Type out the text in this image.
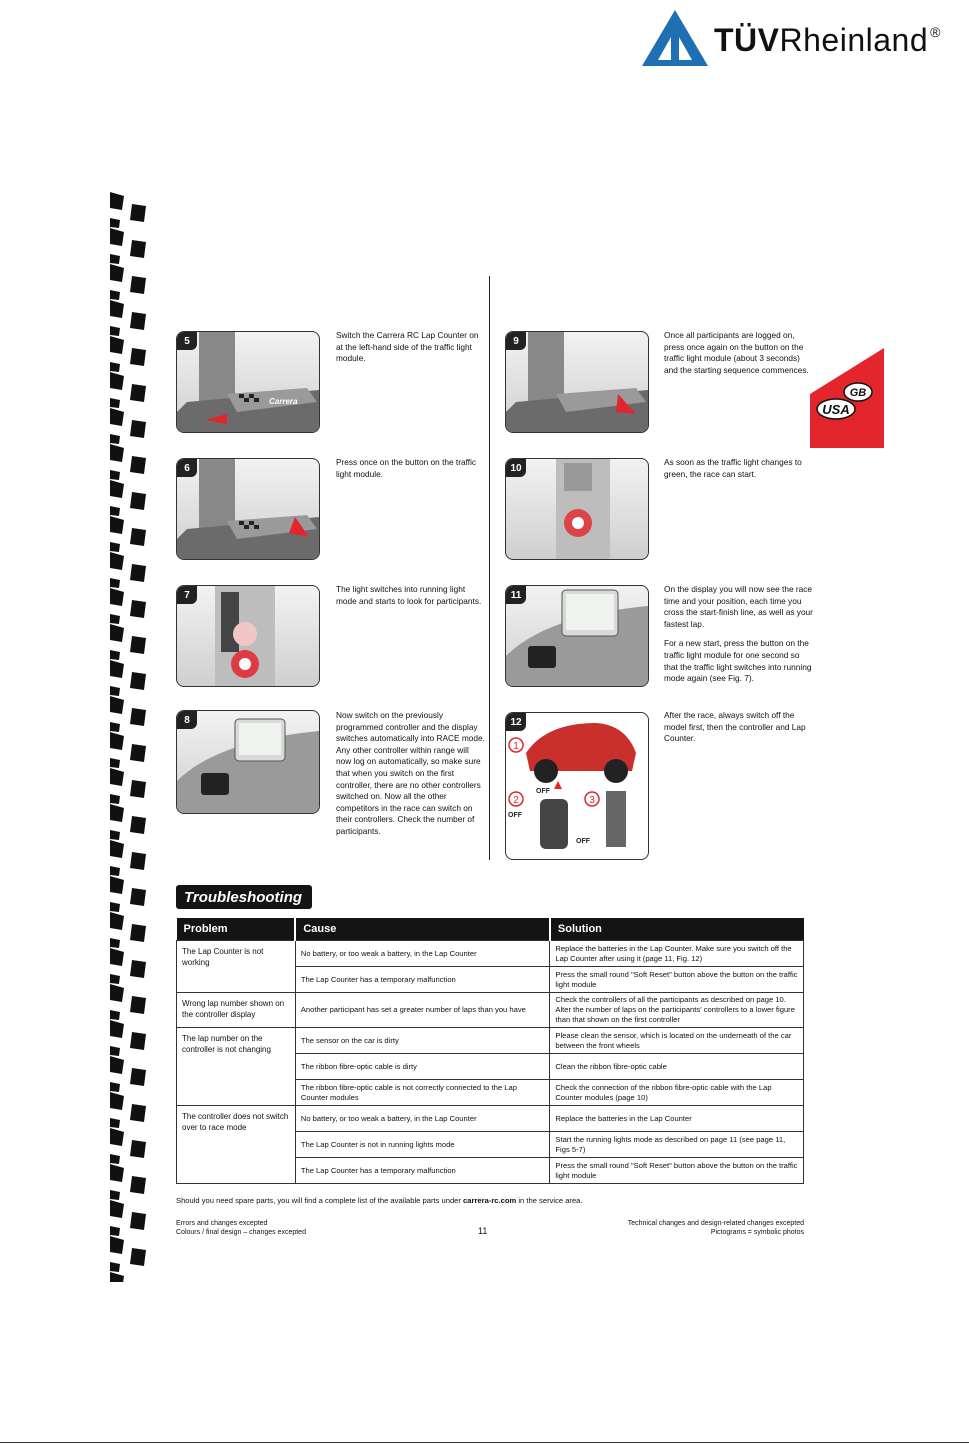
TÜVRheinland ®
GB
USA
Carrera
5

Switch the Carrera RC Lap Counter on at the left-hand side of the traffic light module.

6

Press once on the button on the traffic light module.

7

The light switches into running light mode and starts to look for participants.

8	Now switch on the previously programmed controller and the display switches automatically into RACE mode. Any other controller within range will now log on automatically, so make sure that when you switch on the first controller, there are no other controllers switched on. Now all the other competitors in the race can switch on their controllers. Check the number of participants.

9

Once all participants are logged on, press once again on the button on the traffic light module (about 3 seconds) and the starting sequence commences.

10

As soon as the traffic light changes to green, the race can start.

11

On the display you will now see the race time and your position, each time you cross the start-finish line, as well as your fastest lap.

For a new start, press the button on the traffic light module for one second so that the traffic light switches into running mode again (see Fig. 7).

1
OFF
2
OFF
3
OFF
12

After the race, always switch off the model first, then the controller and Lap Counter.

Troubleshooting
Problem	Cause	Solution
The Lap Counter is not working	No battery, or too weak a battery, in the Lap Counter	Replace the batteries in the Lap Counter. Make sure you switch off the Lap Counter after using it (page 11, Fig. 12)
	The Lap Counter has a temporary malfunction	Press the small round "Soft Reset" button above the button on the traffic light module
Wrong lap number shown on the controller display	Another participant has set a greater number of laps than you have	Check the controllers of all the participants as described on page 10. Alter the number of laps on the participants' controllers to a lower figure than that shown on the first controller
The lap number on the controller is not changing	The sensor on the car is dirty	Please clean the sensor, which is located on the underneath of the car between the front wheels
	The ribbon fibre-optic cable is dirty	Clean the ribbon fibre-optic cable
	The ribbon fibre-optic cable is not correctly connected to the Lap Counter modules	Check the connection of the ribbon fibre-optic cable with the Lap Counter modules (page 10)
The controller does not switch over to race mode	No battery, or too weak a battery, in the Lap Counter	Replace the batteries in the Lap Counter
	The Lap Counter is not in running lights mode	Start the running lights mode as described on page 11 (see page 11, Figs 5-7)
	The Lap Counter has a temporary malfunction	Press the small round "Soft Reset" button above the button on the traffic light module
Should you need spare parts, you will find a complete list of the available parts under carrera-rc.com in the service area.
Errors and changes excepted
Colours / final design – changes excepted	11
Technical changes and design-related changes excepted
Pictograms = symbolic photos
